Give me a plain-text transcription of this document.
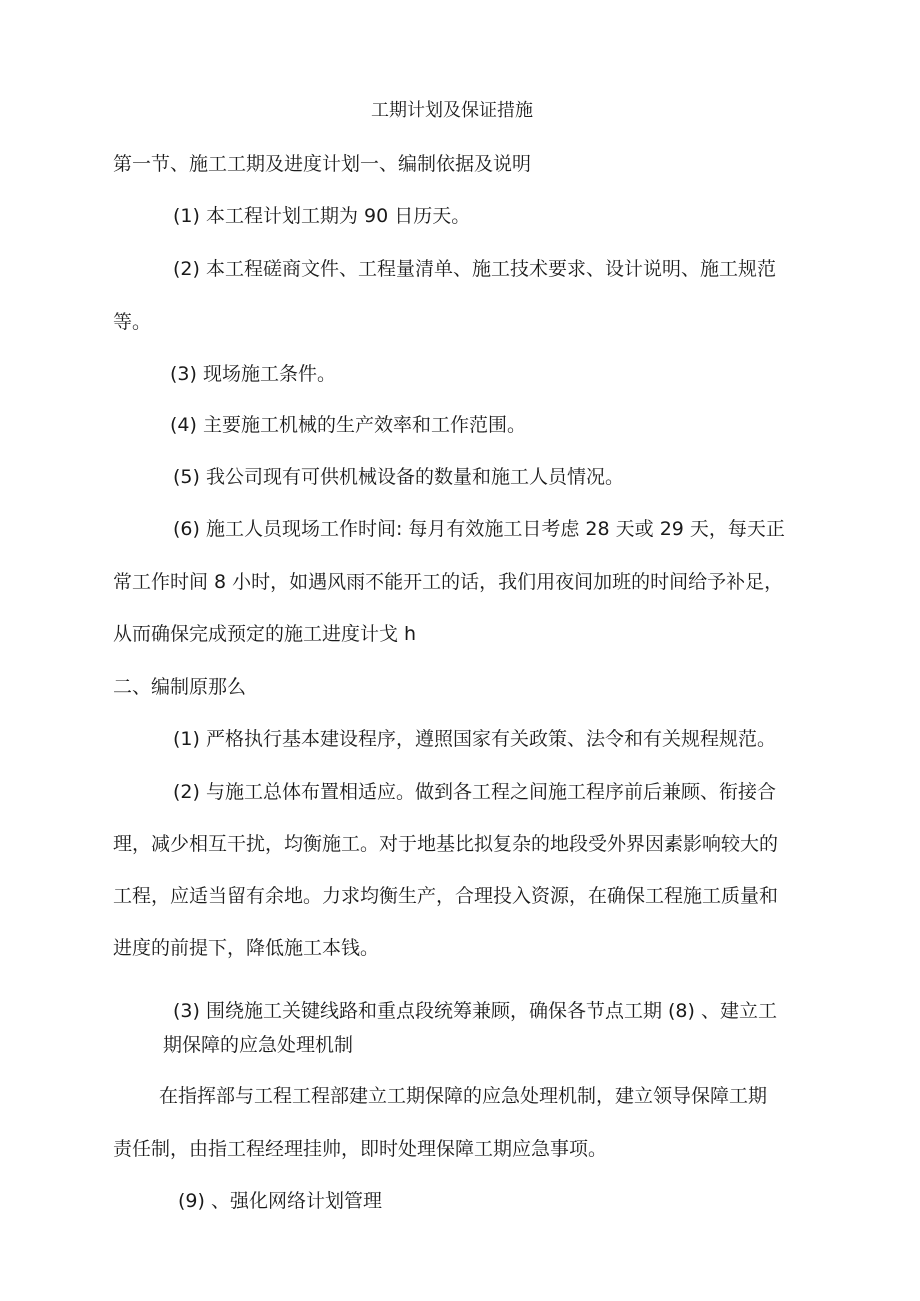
工期计划及保证措施

第一节、施工工期及进度计划一、编制依据及说明

(1) 本工程计划工期为 90 日历天。

(2) 本工程磋商文件、工程量清单、施工技术要求、设计说明、施工规范

等。

(3) 现场施工条件。

(4) 主要施工机械的生产效率和工作范围。

(5) 我公司现有可供机械设备的数量和施工人员情况。

(6) 施工人员现场工作时间: 每月有效施工日考虑 28 天或 29 天，每天正

常工作时间 8 小时，如遇风雨不能开工的话，我们用夜间加班的时间给予补足，

从而确保完成预定的施工进度计戈 h

二、编制原那么

(1) 严格执行基本建设程序，遵照国家有关政策、法令和有关规程规范。

(2) 与施工总体布置相适应。做到各工程之间施工程序前后兼顾、衔接合

理，减少相互干扰，均衡施工。对于地基比拟复杂的地段受外界因素影响较大的

工程，应适当留有余地。力求均衡生产，合理投入资源，在确保工程施工质量和

进度的前提下，降低施工本钱。

(3) 围绕施工关键线路和重点段统筹兼顾，确保各节点工期 (8) 、建立工

期保障的应急处理机制

在指挥部与工程工程部建立工期保障的应急处理机制，建立领导保障工期

责任制，由指工程经理挂帅，即时处理保障工期应急事项。

(9) 、强化网络计划管理
